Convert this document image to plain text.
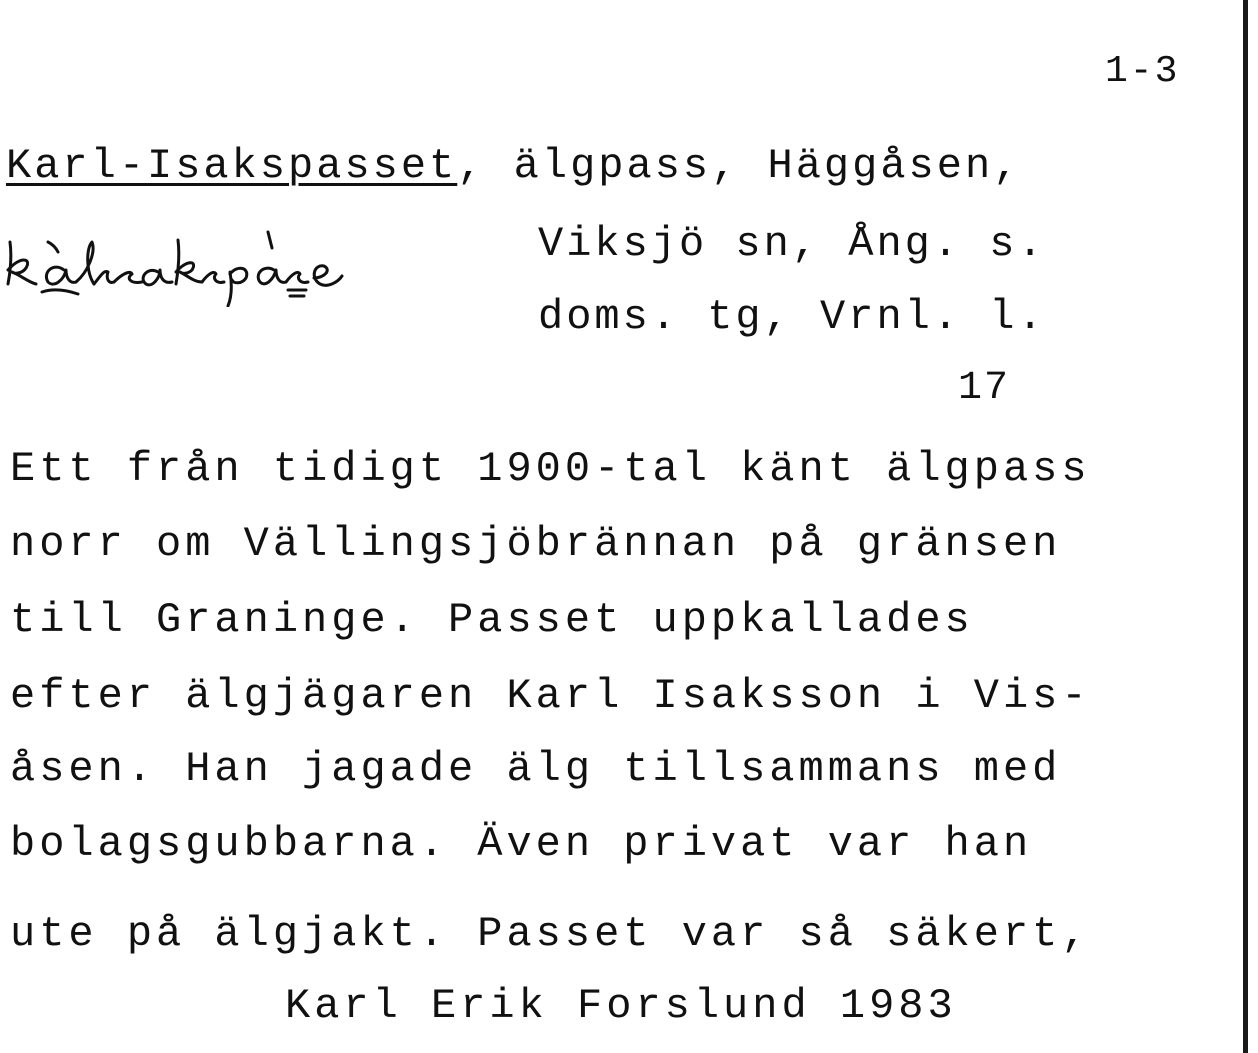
1-3
Karl-Isakspasset, älgpass, Häggåsen,
Viksjö sn, Ång. s.
doms. tg, Vrnl. l.
17
Ett från tidigt 1900-tal känt älgpass
norr om Vällingsjöbrännan på gränsen
till Graninge. Passet uppkallades
efter älgjägaren Karl Isaksson i Vis-
åsen. Han jagade älg tillsammans med
bolagsgubbarna. Även privat var han
ute på älgjakt. Passet var så säkert,
Karl Erik Forslund 1983
